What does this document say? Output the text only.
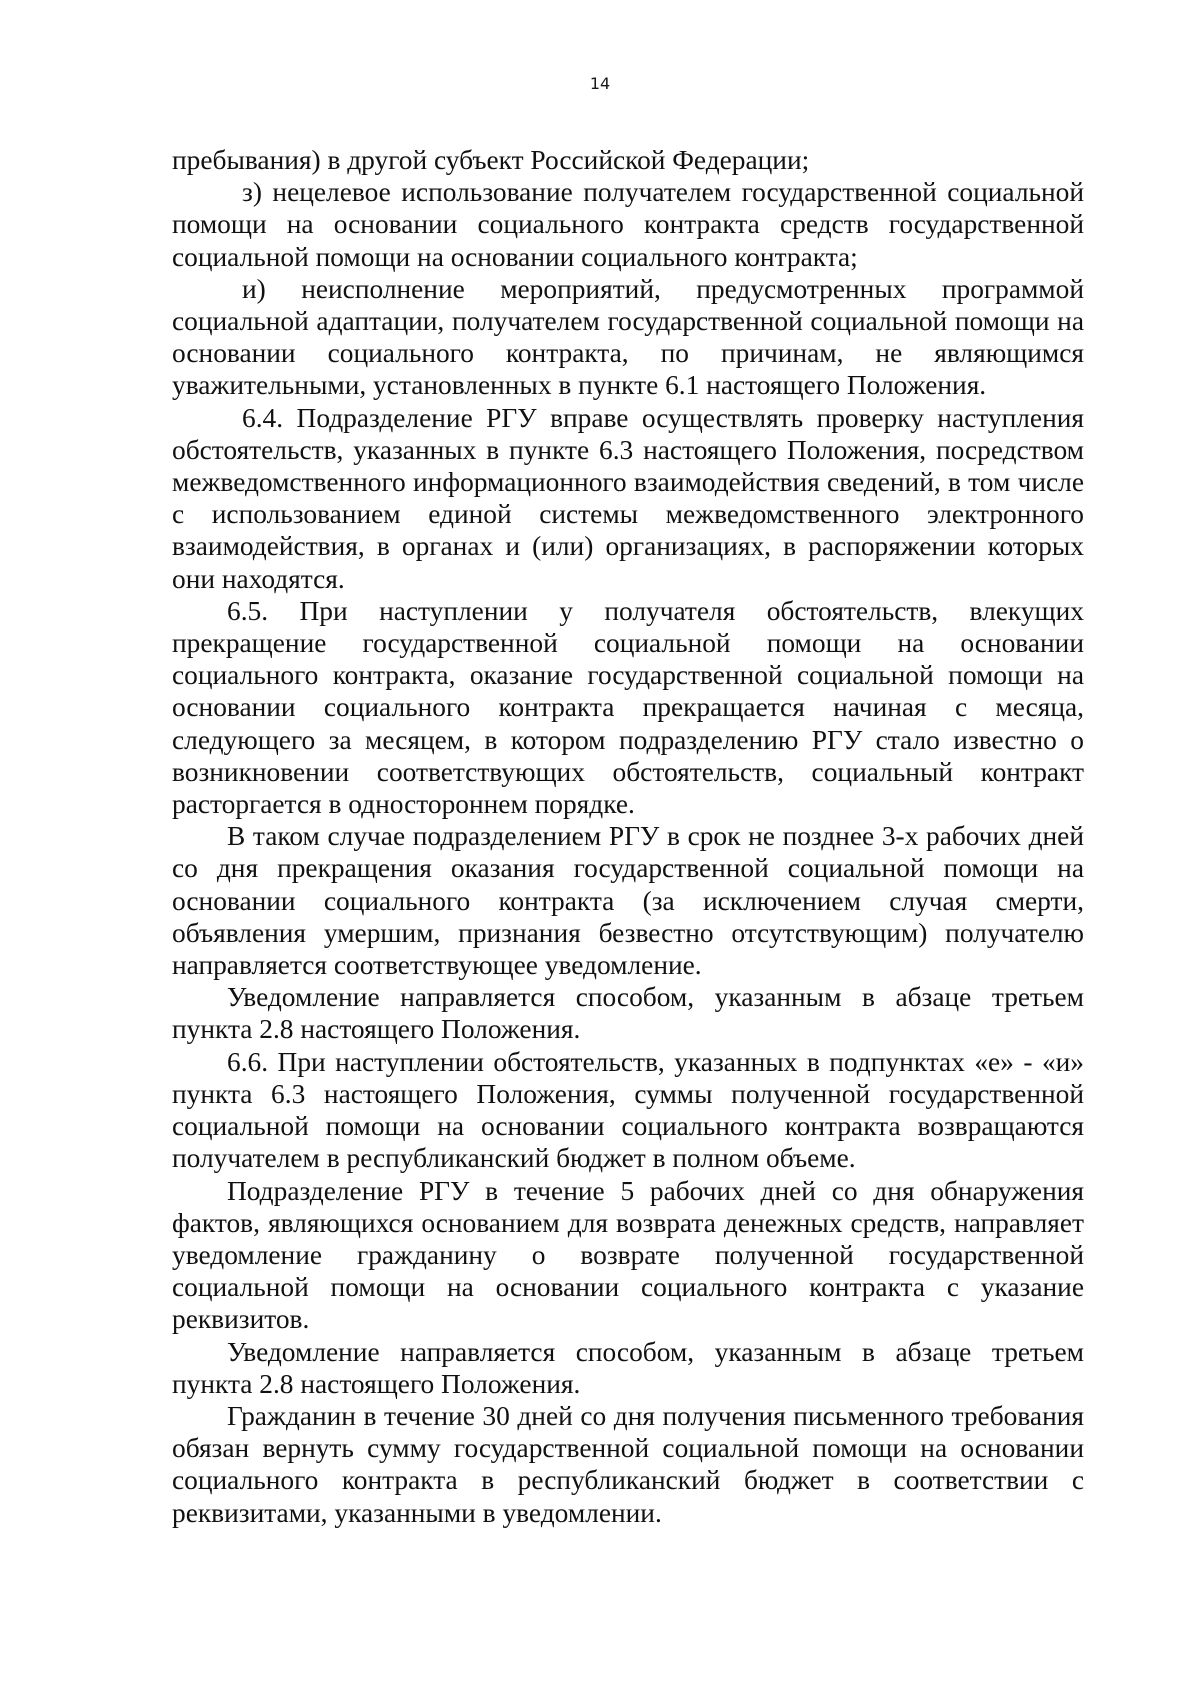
14

пребывания) в другой субъект Российской Федерации;

з) нецелевое использование получателем государственной социальной помощи на основании социального контракта средств государственной социальной помощи на основании социального контракта;

и) неисполнение мероприятий, предусмотренных программой социальной адаптации, получателем государственной социальной помощи на основании социального контракта, по причинам, не являющимся уважительными, установленных в пункте 6.1 настоящего Положения.

6.4. Подразделение РГУ вправе осуществлять проверку наступления обстоятельств, указанных в пункте 6.3 настоящего Положения, посредством межведомственного информационного взаимодействия сведений, в том числе с использованием единой системы межведомственного электронного взаимодействия, в органах и (или) организациях, в распоряжении которых они находятся.

6.5. При наступлении у получателя обстоятельств, влекущих прекращение государственной социальной помощи на основании социального контракта, оказание государственной социальной помощи на основании социального контракта прекращается начиная с месяца, следующего за месяцем, в котором подразделению РГУ стало известно о возникновении соответствующих обстоятельств, социальный контракт расторгается в одностороннем порядке.

В таком случае подразделением РГУ в срок не позднее 3-х рабочих дней со дня прекращения оказания государственной социальной помощи на основании социального контракта (за исключением случая смерти, объявления умершим, признания безвестно отсутствующим) получателю направляется соответствующее уведомление.

Уведомление направляется способом, указанным в абзаце третьем пункта 2.8 настоящего Положения.

6.6. При наступлении обстоятельств, указанных в подпунктах «е» - «и» пункта 6.3 настоящего Положения, суммы полученной государственной социальной помощи на основании социального контракта возвращаются получателем в республиканский бюджет в полном объеме.

Подразделение РГУ в течение 5 рабочих дней со дня обнаружения фактов, являющихся основанием для возврата денежных средств, направляет уведомление гражданину о возврате полученной государственной социальной помощи на основании социального контракта с указание реквизитов.

Уведомление направляется способом, указанным в абзаце третьем пункта 2.8 настоящего Положения.

Гражданин в течение 30 дней со дня получения письменного требования обязан вернуть сумму государственной социальной помощи на основании социального контракта в республиканский бюджет в соответствии с реквизитами, указанными в уведомлении.
